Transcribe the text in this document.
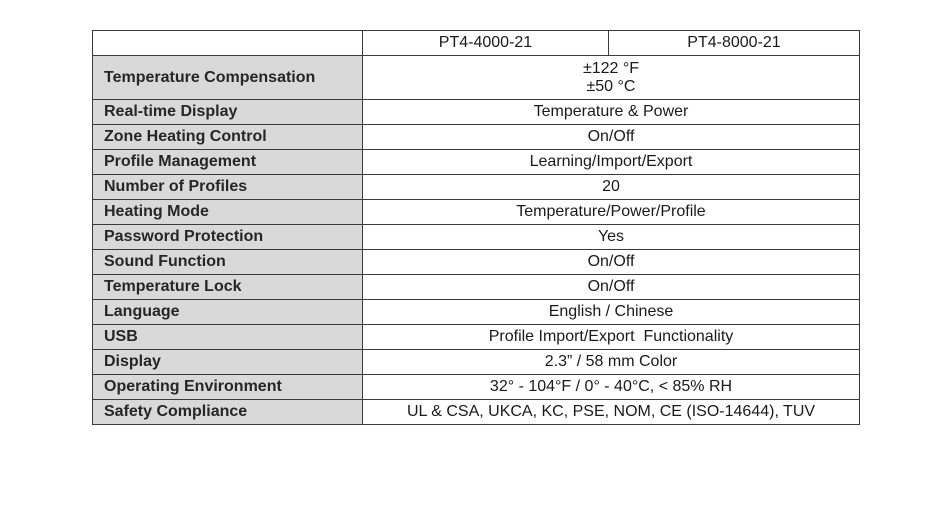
	PT4-4000-21	PT4-8000-21
Temperature Compensation	±122 °F
±50 °C	

Real-time Display	Temperature & Power	
Zone Heating Control	On/Off	
Profile Management	Learning/Import/Export	
Number of Profiles	20	
Heating Mode	Temperature/Power/Profile	
Password Protection	Yes	
Sound Function	On/Off	
Temperature Lock	On/Off	
Language	English / Chinese	
USB	Profile Import/Export  Functionality	
Display	2.3” / 58 mm Color	
Operating Environment	32° - 104°F / 0° - 40°C, < 85% RH	
Safety Compliance	UL & CSA, UKCA, KC, PSE, NOM, CE (ISO-14644), TUV	
